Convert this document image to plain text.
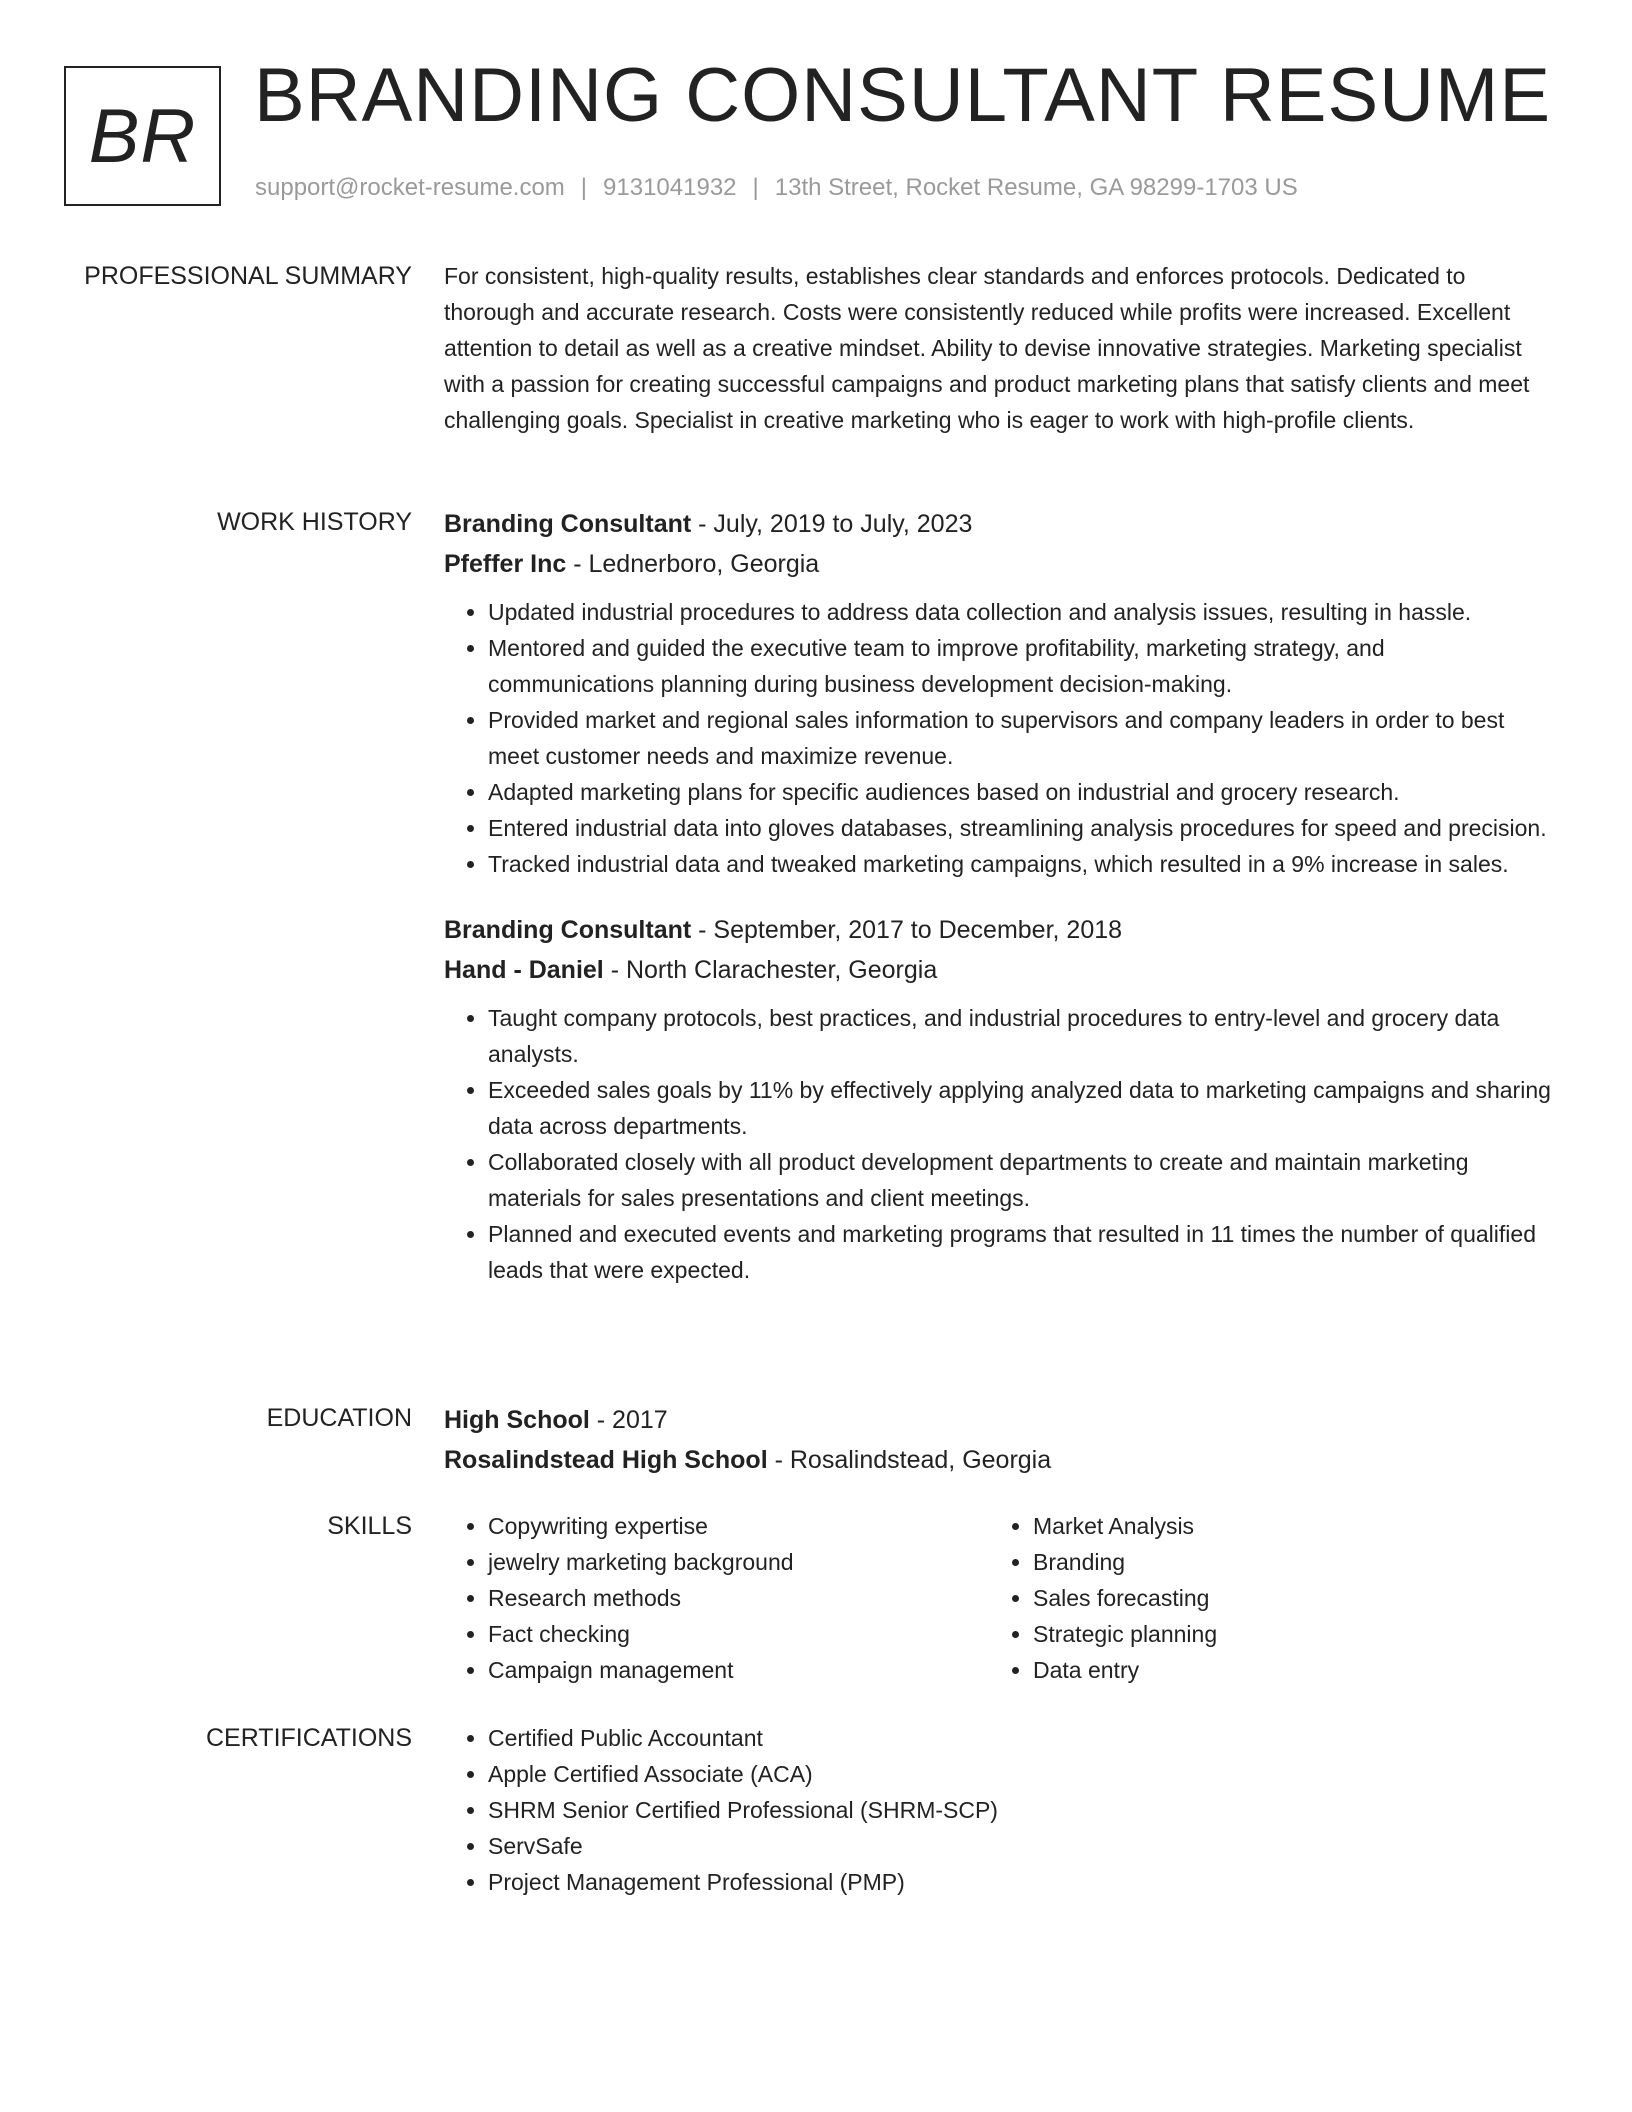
BR BRANDING CONSULTANT RESUME
support@rocket-resume.com | 9131041932 | 13th Street, Rocket Resume, GA 98299-1703 US
PROFESSIONAL SUMMARY For consistent, high-quality results, establishes clear standards and enforces protocols. Dedicated to thorough and accurate research. Costs were consistently reduced while profits were increased. Excellent attention to detail as well as a creative mindset. Ability to devise innovative strategies. Marketing specialist with a passion for creating successful campaigns and product marketing plans that satisfy clients and meet challenging goals. Specialist in creative marketing who is eager to work with high-profile clients.

WORK HISTORY Branding Consultant - July, 2019 to July, 2023

Pfeffer Inc - Lednerboro, Georgia

• Updated industrial procedures to address data collection and analysis issues, resulting in hassle.
• Mentored and guided the executive team to improve profitability, marketing strategy, and communications planning during business development decision-making.
• Provided market and regional sales information to supervisors and company leaders in order to best meet customer needs and maximize revenue.
• Adapted marketing plans for specific audiences based on industrial and grocery research.
• Entered industrial data into gloves databases, streamlining analysis procedures for speed and precision.
• Tracked industrial data and tweaked marketing campaigns, which resulted in a 9% increase in sales.

Branding Consultant - September, 2017 to December, 2018

Hand - Daniel - North Clarachester, Georgia

• Taught company protocols, best practices, and industrial procedures to entry-level and grocery data analysts.
• Exceeded sales goals by 11% by effectively applying analyzed data to marketing campaigns and sharing data across departments.
• Collaborated closely with all product development departments to create and maintain marketing materials for sales presentations and client meetings.
• Planned and executed events and marketing programs that resulted in 11 times the number of qualified leads that were expected.
EDUCATION High School - 2017

Rosalindstead High School - Rosalindstead, Georgia

SKILLS	• Copywriting expertise
• jewelry marketing background
• Research methods
• Fact checking
• Campaign management
• Market Analysis
• Branding
• Sales forecasting
• Strategic planning
• Data entry
CERTIFICATIONS	• Certified Public Accountant
• Apple Certified Associate (ACA)
• SHRM Senior Certified Professional (SHRM-SCP)
• ServSafe
• Project Management Professional (PMP)
